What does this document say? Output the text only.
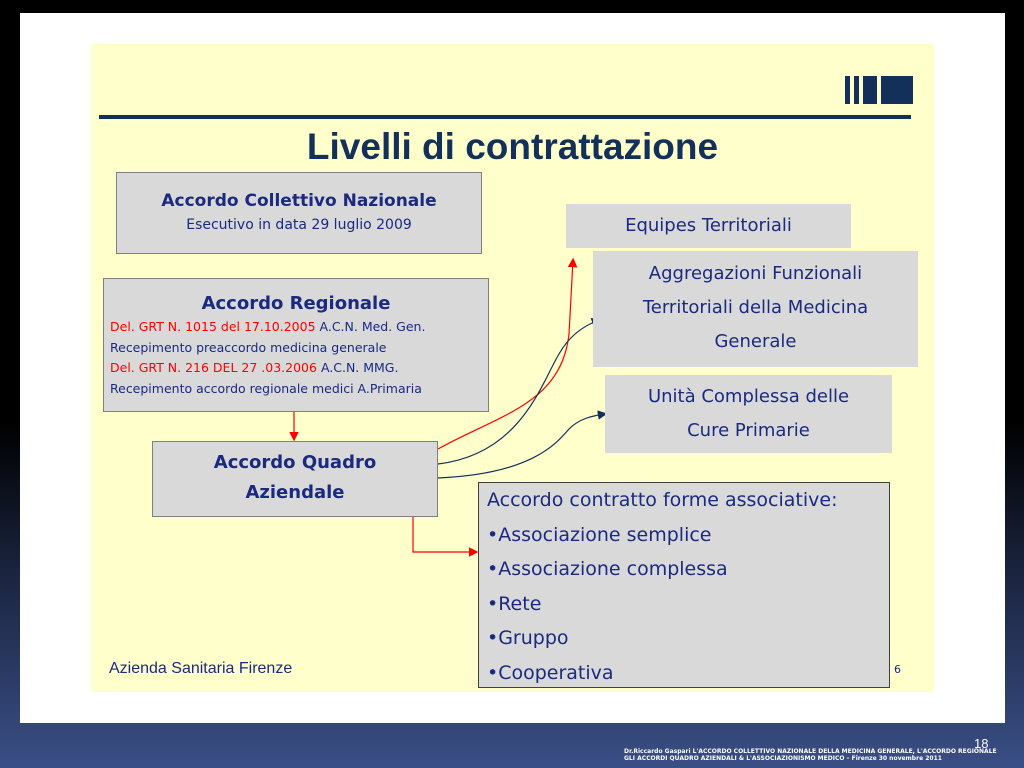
Livelli di contrattazione
Accordo Collettivo Nazionale
Esecutivo in data 29 luglio 2009
Accordo Regionale
Del. GRT N. 1015 del 17.10.2005 A.C.N. Med. Gen.
Recepimento preaccordo medicina generale
Del. GRT N. 216 DEL 27 .03.2006 A.C.N. MMG.
Recepimento accordo regionale medici A.Primaria
Accordo Quadro
Aziendale
Equipes Territoriali
Aggregazioni Funzionali
Territoriali della Medicina
Generale
Unità Complessa delle
Cure Primarie
Accordo contratto forme associative:
•Associazione semplice
•Associazione complessa
•Rete
•Gruppo
•Cooperativa
Azienda Sanitaria Firenze	6
18
Dr.Riccardo Gaspari L'ACCORDO COLLETTIVO NAZIONALE DELLA MEDICINA GENERALE, L'ACCORDO REGIONALE
GLI ACCORDI QUADRO AZIENDALI & L'ASSOCIAZIONISMO MEDICO – Firenze 30 novembre 2011
